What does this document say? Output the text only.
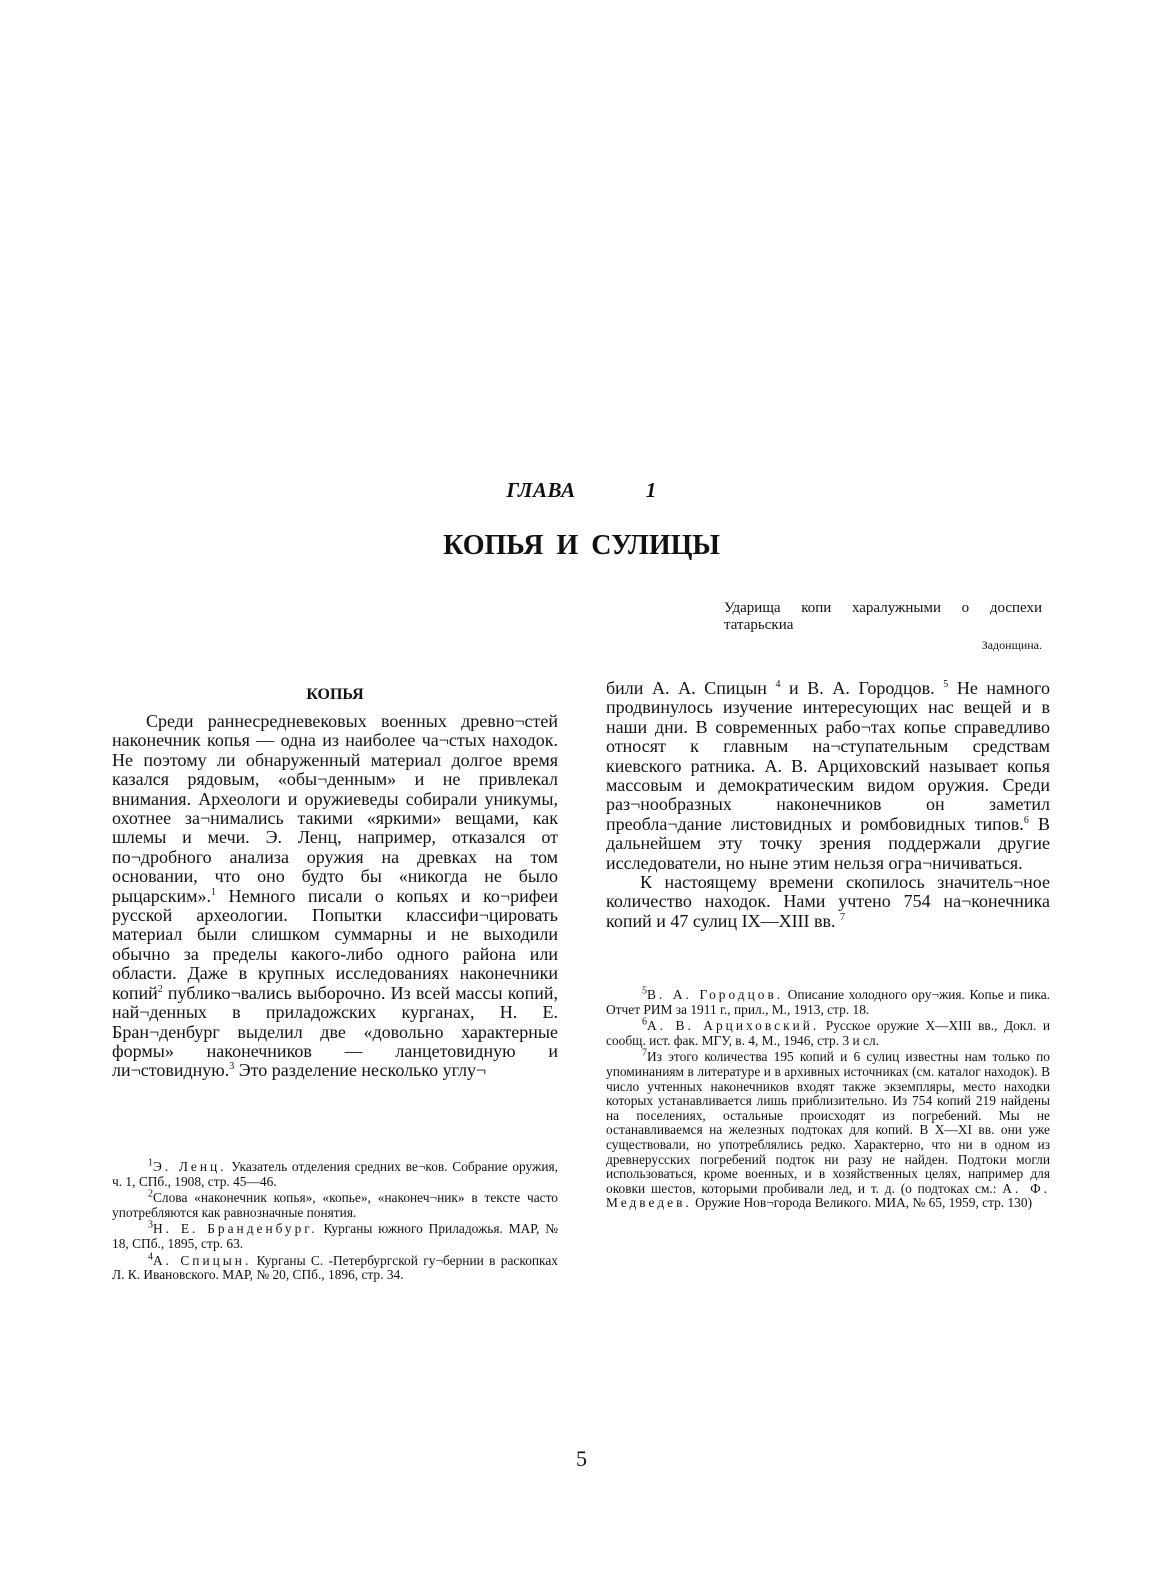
ГЛАВА	1
КОПЬЯ И СУЛИЦЫ
Ударища копи харалужными о доспехи татарьскиа
Задонщина.
КОПЬЯ

Среди раннесредневековых военных древно¬стей наконечник копья — одна из наиболее ча¬стых находок. Не поэтому ли обнаруженный материал долгое время казался рядовым, «обы¬денным» и не привлекал внимания. Археологи и оружиеведы собирали уникумы, охотнее за¬нимались такими «яркими» вещами, как шлемы и мечи. Э. Ленц, например, отказался от по¬дробного анализа оружия на древках на том основании, что оно будто бы «никогда не было рыцарским».$^1$ Немного писали о копьях и ко¬рифеи русской археологии. Попытки классифи¬цировать материал были слишком суммарны и не выходили обычно за пределы какого-либо одного района или области. Даже в крупных исследованиях наконечники копий$^2$ публико¬вались выборочно. Из всей массы копий, най¬денных в приладожских курганах, Н. Е. Бран¬денбург выделил две «довольно характерные формы» наконечников — ланцетовидную и ли¬стовидную.$^3$ Это разделение несколько углу¬

били А. А. Спицын $^4$ и В. А. Городцов. $^5$ Не намного продвинулось изучение интересующих нас вещей и в наши дни. В современных рабо¬тах копье справедливо относят к главным на¬ступательным средствам киевского ратника. А. В. Арциховский называет копья массовым и демократическим видом оружия. Среди раз¬нообразных наконечников он заметил преобла¬дание листовидных и ромбовидных типов.$^6$ В дальнейшем эту точку зрения поддержали другие исследователи, но ныне этим нельзя огра¬ничиваться.

К настоящему времени скопилось значитель¬ное количество находок. Нами учтено 754 на¬конечника копий и 47 сулиц IX—XIII вв. $^7$

$^1$Э. Ленц. Указатель отделения средних ве¬ков. Собрание оружия, ч. 1, СПб., 1908, стр. 45—46.

$^2$Слова «наконечник копья», «копье», «наконеч¬ник» в тексте часто употребляются как равнозначные понятия.

$^3$Н. Е. Бранденбург. Курганы южного Приладожья. МАР, № 18, СПб., 1895, стр. 63.

$^4$А. Спицын. Курганы С. -Петербургской гу¬бернии в раскопках Л. К. Ивановского. МАР, № 20, СПб., 1896, стр. 34.

$^5$В. А. Городцов. Описание холодного ору¬жия. Копье и пика. Отчет РИМ за 1911 г., прил., М., 1913, стр. 18.

$^6$А. В. Арциховский. Русское оружие X—XIII вв., Докл. и сообщ. ист. фак. МГУ, в. 4, М., 1946, стр. 3 и сл.

$^7$Из этого количества 195 копий и 6 сулиц известны нам только по упоминаниям в литературе и в архивных источниках (см. каталог находок). В число учтенных наконечников входят также экземпляры, место находки которых устанавливается лишь приблизительно. Из 754 копий 219 найдены на поселениях, остальные происходят из погребений. Мы не останавливаемся на железных подтоках для копий. В X—XI вв. они уже существовали, но употреблялись редко. Характерно, что ни в одном из древнерусских погребений подток ни разу не найден. Подтоки могли использоваться, кроме военных, и в хозяйственных целях, например для оковки шестов, которыми пробивали лед, и т. д. (о подтоках см.: А. Ф. Медведев. Оружие Нов¬города Великого. МИА, № 65, 1959, стр. 130)

5
